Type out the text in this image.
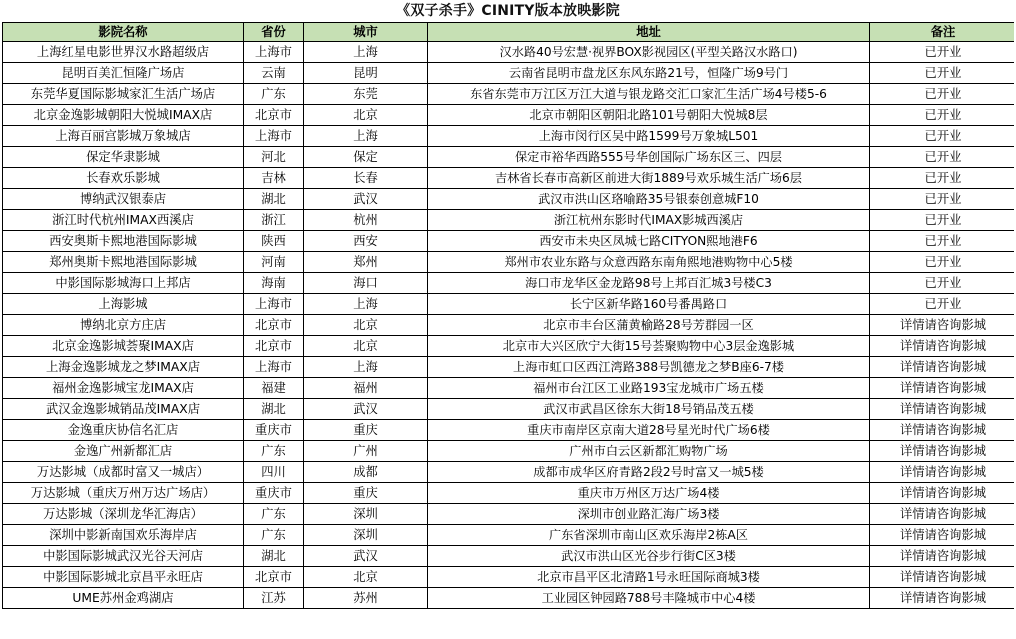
《双子杀手》CINITY版本放映影院
影院名称	省份	城市	地址	备注
上海红星电影世界汉水路超级店	上海市	上海	汉水路40号宏慧·视界BOX影视园区(平型关路汉水路口)	已开业
昆明百美汇恒隆广场店	云南	昆明	云南省昆明市盘龙区东风东路21号，恒隆广场9号门	已开业
东莞华夏国际影城家汇生活广场店	广东	东莞	东省东莞市万江区万江大道与银龙路交汇口家汇生活广场4号楼5-6	已开业
北京金逸影城朝阳大悦城IMAX店	北京市	北京	北京市朝阳区朝阳北路101号朝阳大悦城8层	已开业
上海百丽宫影城万象城店	上海市	上海	上海市闵行区吴中路1599号万象城L501	已开业
保定华隶影城	河北	保定	保定市裕华西路555号华创国际广场东区三、四层	已开业
长春欢乐影城	吉林	长春	吉林省长春市高新区前进大街1889号欢乐城生活广场6层	已开业
博纳武汉银泰店	湖北	武汉	武汉市洪山区珞喻路35号银泰创意城F10	已开业
浙江时代杭州IMAX西溪店	浙江	杭州	浙江杭州东影时代IMAX影城西溪店	已开业
西安奥斯卡熙地港国际影城	陕西	西安	西安市未央区凤城七路CITYON熙地港F6	已开业
郑州奥斯卡熙地港国际影城	河南	郑州	郑州市农业东路与众意西路东南角熙地港购物中心5楼	已开业
中影国际影城海口上邦店	海南	海口	海口市龙华区金龙路98号上邦百汇城3号楼C3	已开业
上海影城	上海市	上海	长宁区新华路160号番禺路口	已开业
博纳北京方庄店	北京市	北京	北京市丰台区蒲黄榆路28号芳群园一区	详情请咨询影城
北京金逸影城荟聚IMAX店	北京市	北京	北京市大兴区欣宁大街15号荟聚购物中心3层金逸影城	详情请咨询影城
上海金逸影城龙之梦IMAX店	上海市	上海	上海市虹口区西江湾路388号凯德龙之梦B座6-7楼	详情请咨询影城
福州金逸影城宝龙IMAX店	福建	福州	福州市台江区工业路193宝龙城市广场五楼	详情请咨询影城
武汉金逸影城销品茂IMAX店	湖北	武汉	武汉市武昌区徐东大街18号销品茂五楼	详情请咨询影城
金逸重庆协信名汇店	重庆市	重庆	重庆市南岸区京南大道28号星光时代广场6楼	详情请咨询影城
金逸广州新都汇店	广东	广州	广州市白云区新都汇购物广场	详情请咨询影城
万达影城（成都时富又一城店）	四川	成都	成都市成华区府青路2段2号时富又一城5楼	详情请咨询影城
万达影城（重庆万州万达广场店）	重庆市	重庆	重庆市万州区万达广场4楼	详情请咨询影城
万达影城（深圳龙华汇海店）	广东	深圳	深圳市创业路汇海广场3楼	详情请咨询影城
深圳中影新南国欢乐海岸店	广东	深圳	广东省深圳市南山区欢乐海岸2栋A区	详情请咨询影城
中影国际影城武汉光谷天河店	湖北	武汉	武汉市洪山区光谷步行街C区3楼	详情请咨询影城
中影国际影城北京昌平永旺店	北京市	北京	北京市昌平区北清路1号永旺国际商城3楼	详情请咨询影城
UME苏州金鸡湖店	江苏	苏州	工业园区钟园路788号丰隆城市中心4楼	详情请咨询影城
